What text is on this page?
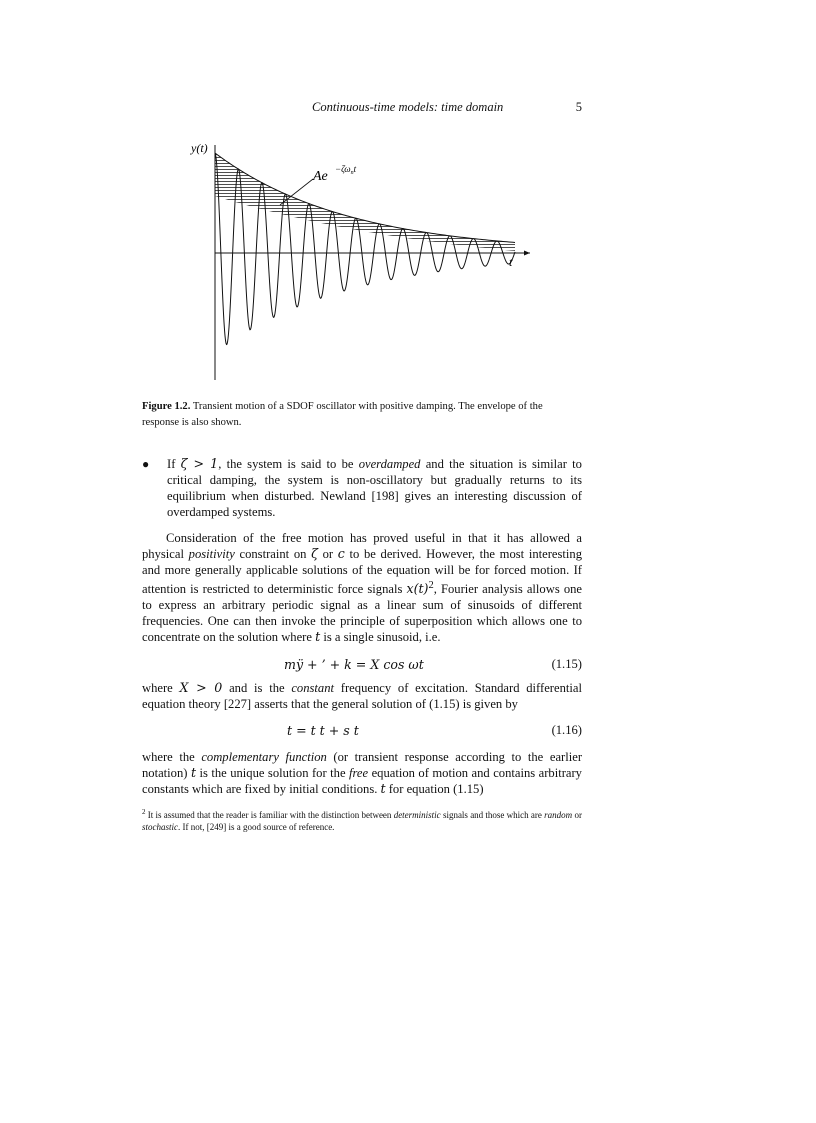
Continuous-time models: time domain	5
y(t)
t
$Ae -\zeta\omega_nt$
Figure 1.2. Transient motion of a SDOF oscillator with positive damping. The envelope of the response is also shown.
● If ζ > 1, the system is said to be overdamped and the situation is similar to critical damping, the system is non-oscillatory but gradually returns to its equilibrium when disturbed. Newland [198] gives an interesting discussion of overdamped systems.
Consideration of the free motion has proved useful in that it has allowed a physical positivity constraint on ζ or c to be derived. However, the most interesting and more generally applicable solutions of the equation will be for forced motion. If attention is restricted to deterministic force signals $x(t)^2$, Fourier analysis allows one to express an arbitrary periodic signal as a linear sum of sinusoids of different frequencies. One can then invoke the principle of superposition which allows one to concentrate on the solution where t is a single sinusoid, i.e.
mÿ + ’ + k = X cos ωt	(1.15)
where X > 0 and is the constant frequency of excitation. Standard differential equation theory [227] asserts that the general solution of (1.15) is given by
t = t t + s t	(1.16)
where the complementary function (or transient response according to the earlier notation) t is the unique solution for the free equation of motion and contains arbitrary constants which are fixed by initial conditions. t for equation (1.15)
$^2$ It is assumed that the reader is familiar with the distinction between deterministic signals and those which are random or stochastic. If not, [249] is a good source of reference.
